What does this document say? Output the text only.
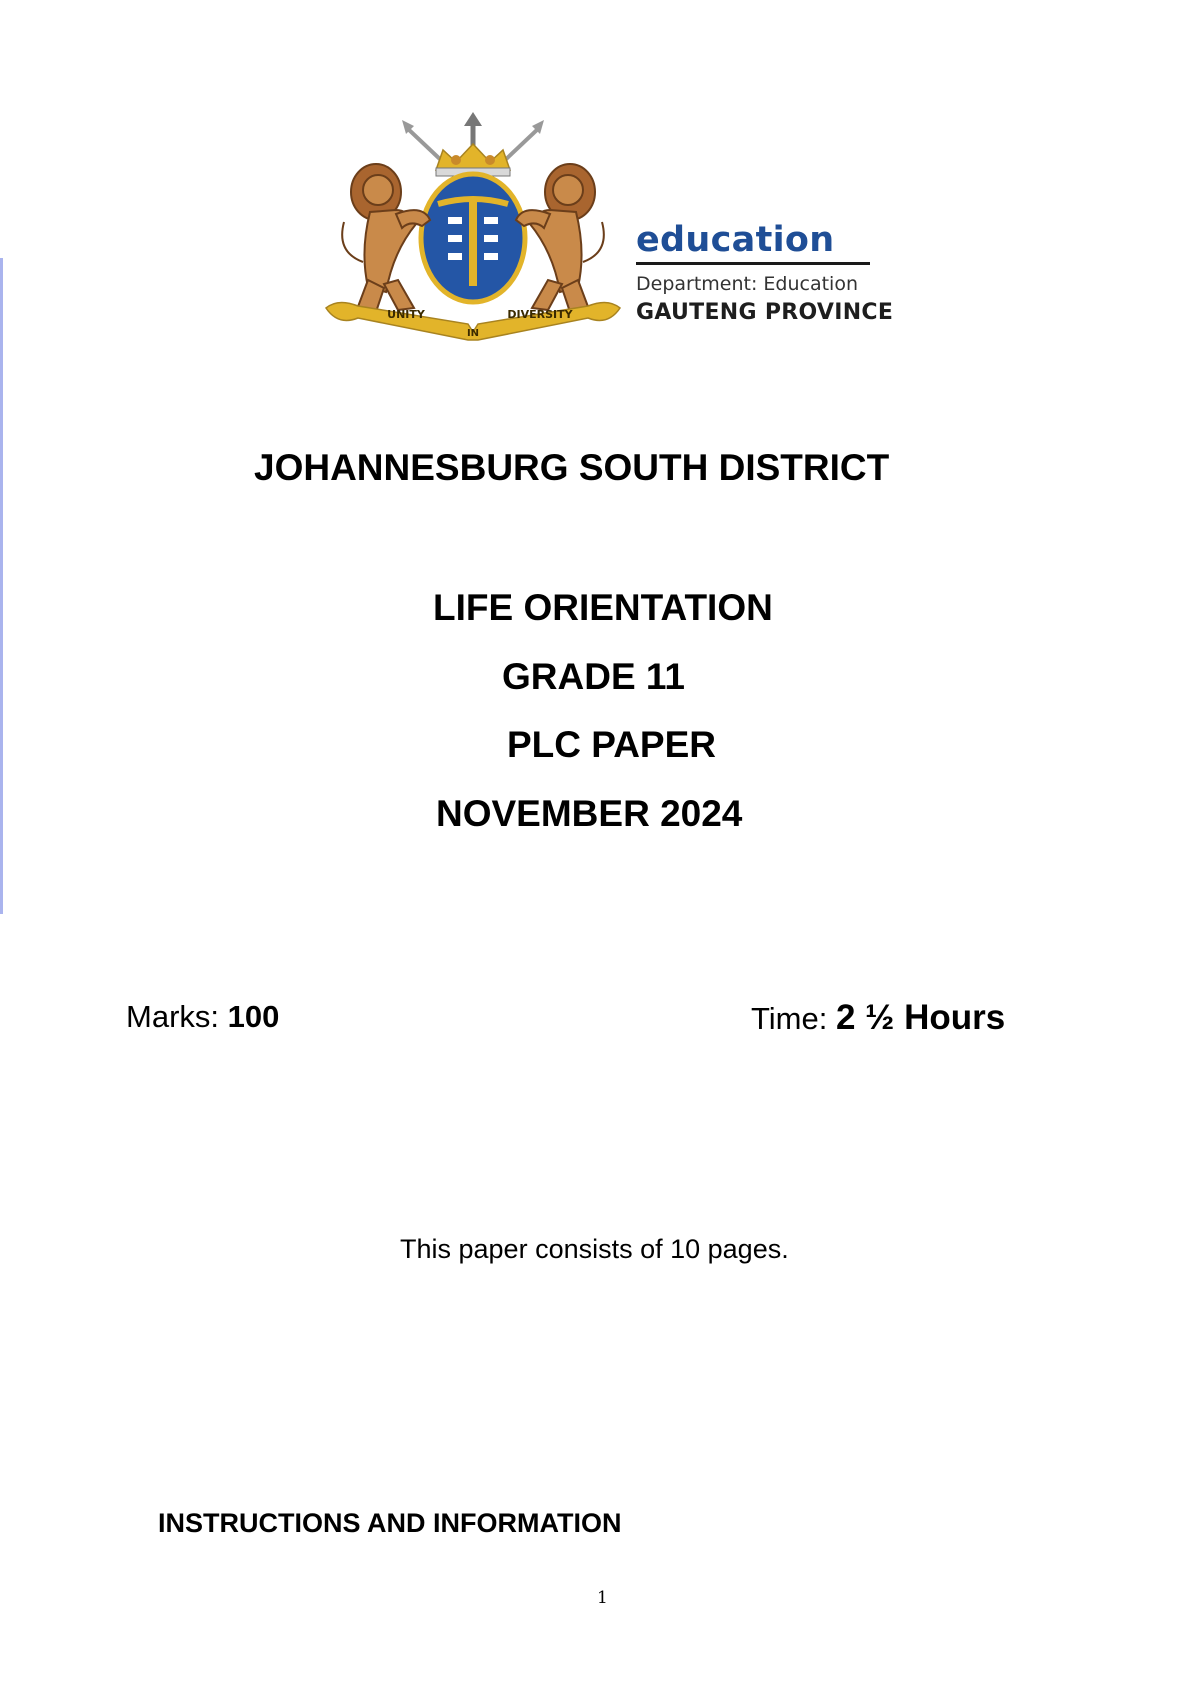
UNITY
IN
DIVERSITY
education
Department: Education
GAUTENG PROVINCE
JOHANNESBURG SOUTH DISTRICT
LIFE ORIENTATION
GRADE 11
PLC PAPER
NOVEMBER 2024
Marks: 100	Time: 2 ½ Hours
This paper consists of 10 pages.
INSTRUCTIONS AND INFORMATION
1
